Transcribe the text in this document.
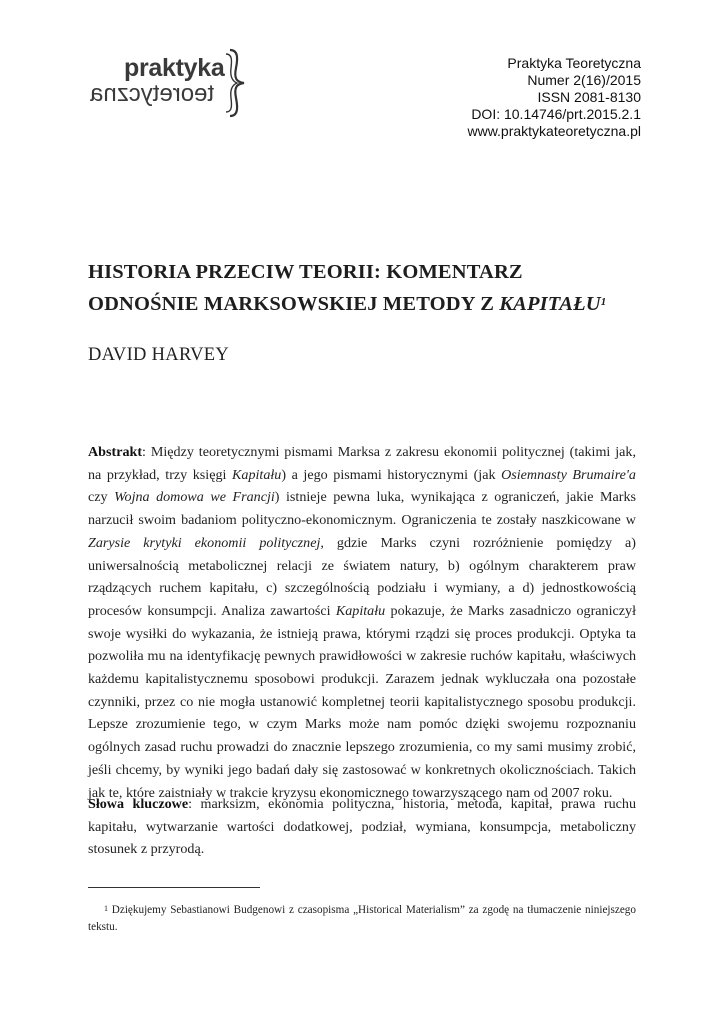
praktyka
teoretyczna
Praktyka Teoretyczna
Numer 2(16)/2015
ISSN 2081-8130
DOI: 10.14746/prt.2015.2.1
www.praktykateoretyczna.pl
HISTORIA PRZECIW TEORII: KOMENTARZ
ODNOŚNIE MARKSOWSKIEJ METODY Z KAPITAŁU$^1$
DAVID HARVEY

Abstrakt: Między teoretycznymi pismami Marksa z zakresu ekonomii politycznej (takimi jak, na przykład, trzy księgi Kapitału) a jego pismami historycznymi (jak Osiemnasty Brumaire'a czy Wojna domowa we Francji) istnieje pewna luka, wynikająca z ograniczeń, jakie Marks narzucił swoim badaniom polityczno-ekonomicznym. Ograniczenia te zostały naszkicowane w Zarysie krytyki ekonomii politycznej, gdzie Marks czyni rozróżnienie pomiędzy a) uniwersalnością metabolicznej relacji ze światem natury, b) ogólnym charakterem praw rządzących ruchem kapitału, c) szczególnością podziału i wymiany, a d) jednostkowością procesów konsumpcji. Analiza zawartości Kapitału pokazuje, że Marks zasadniczo ograniczył swoje wysiłki do wykazania, że istnieją prawa, którymi rządzi się proces produkcji. Optyka ta pozwoliła mu na identyfikację pewnych prawidłowości w zakresie ruchów kapitału, właściwych każdemu kapitalistycznemu sposobowi produkcji. Zarazem jednak wykluczała ona pozostałe czynniki, przez co nie mogła ustanowić kompletnej teorii kapitalistycznego sposobu produkcji. Lepsze zrozumienie tego, w czym Marks może nam pomóc dzięki swojemu rozpoznaniu ogólnych zasad ruchu prowadzi do znacznie lepszego zrozumienia, co my sami musimy zrobić, jeśli chcemy, by wyniki jego badań dały się zastosować w konkretnych okolicznościach. Takich jak te, które zaistniały w trakcie kryzysu ekonomicznego towarzyszącego nam od 2007 roku.

Słowa kluczowe: marksizm, ekonomia polityczna, historia, metoda, kapitał, prawa ruchu kapitału, wytwarzanie wartości dodatkowej, podział, wymiana, konsumpcja, metaboliczny stosunek z przyrodą.

$^1$ Dziękujemy Sebastianowi Budgenowi z czasopisma „Historical Materialism” za zgodę na tłumaczenie niniejszego tekstu.
